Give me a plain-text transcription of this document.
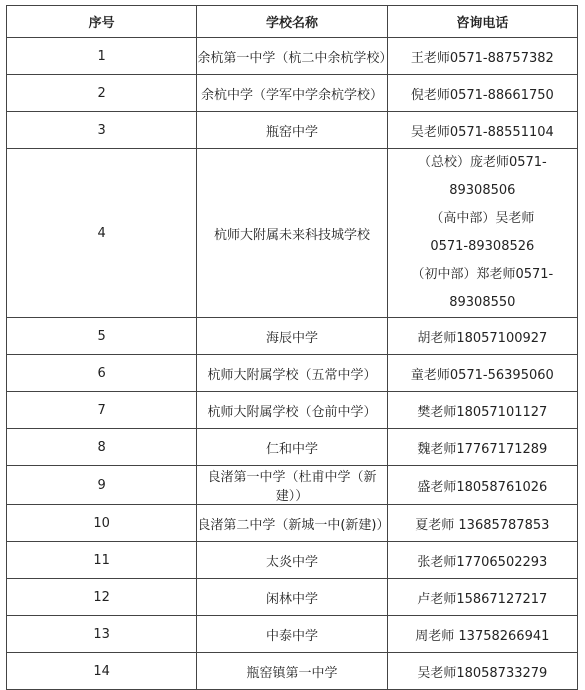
序号	学校名称	咨询电话
1	余杭第一中学（杭二中余杭学校）	王老师0571-88757382

2	余杭中学（学军中学余杭学校）	倪老师0571-88661750

3	瓶窑中学	吴老师0571-88551104

4	杭师大附属未来科技城学校	（总校）庞老师0571-89308506
（高中部）吴老师
0571-89308526
（初中部）郑老师0571-89308550

5	海辰中学	胡老师18057100927

6	杭师大附属学校（五常中学）	童老师0571-56395060

7	杭师大附属学校（仓前中学）	樊老师18057101127

8	仁和中学	魏老师17767171289

9	良渚第一中学（杜甫中学（新建））	盛老师18058761026

10	良渚第二中学（新城一中(新建)）	夏老师 13685787853

11	太炎中学	张老师17706502293

12	闲林中学	卢老师15867127217

13	中泰中学	周老师 13758266941

14	瓶窑镇第一中学	吴老师18058733279
